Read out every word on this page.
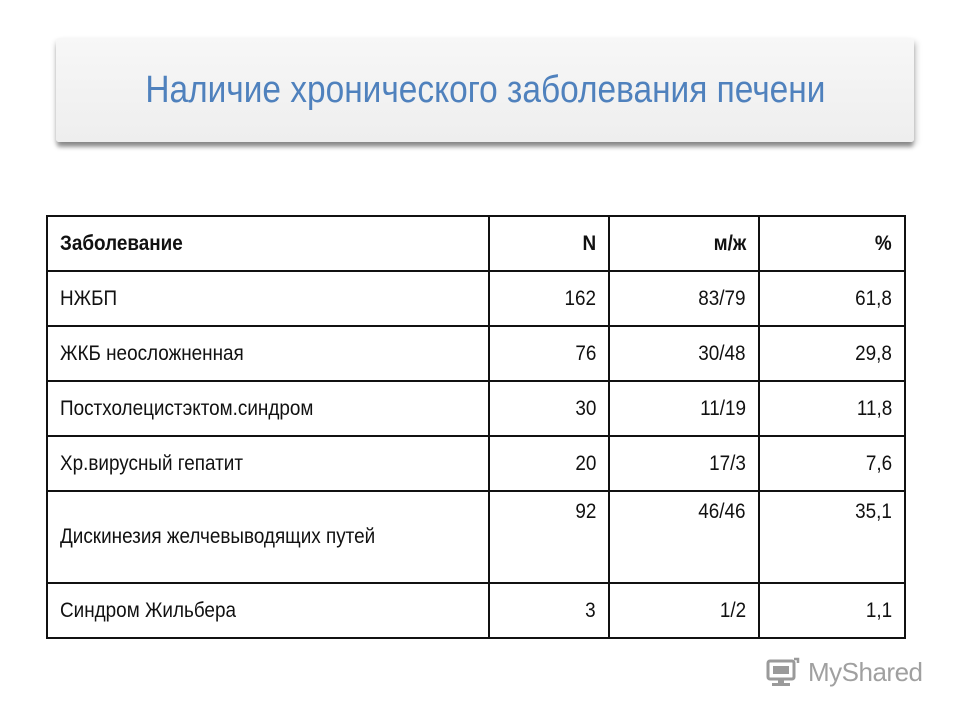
Наличие хронического заболевания печени
Заболевание	N	м/ж	%
НЖБП	162	83/79	61,8
ЖКБ неосложненная	76	30/48	29,8
Постхолецистэктом.синдром	30	11/19	11,8
Хр.вирусный гепатит	20	17/3	7,6

Дискинезия желчевыводящих путей	92	46/46	35,1
Синдром Жильбера	3	1/2	1,1
MyShared
